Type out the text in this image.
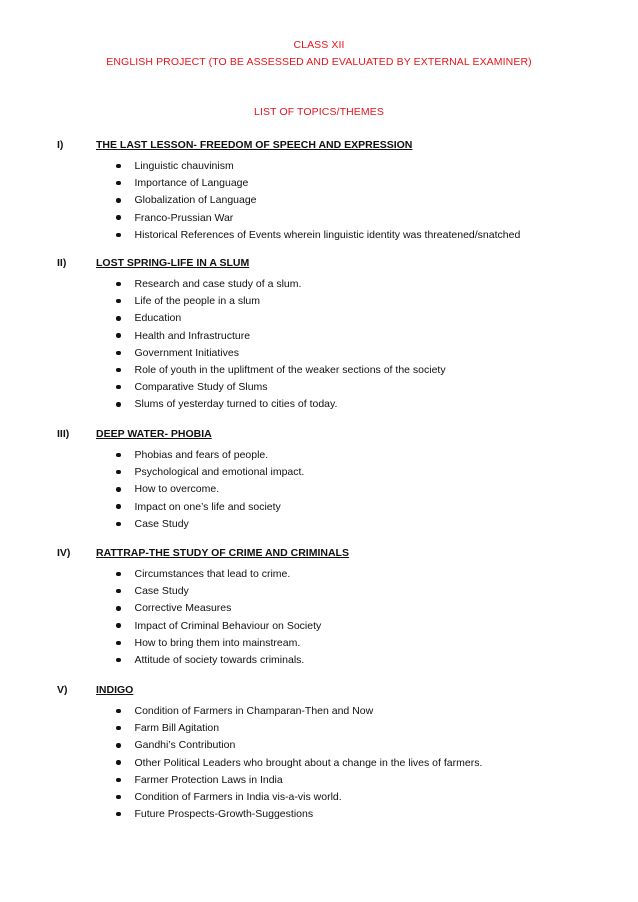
CLASS XII
ENGLISH PROJECT (TO BE ASSESSED AND EVALUATED BY EXTERNAL EXAMINER)
LIST OF TOPICS/THEMES
I)	THE LAST LESSON- FREEDOM OF SPEECH AND EXPRESSION
Linguistic chauvinism
Importance of Language
Globalization of Language
Franco-Prussian War
Historical References of Events wherein linguistic identity was threatened/snatched
II)	LOST SPRING-LIFE IN A SLUM
Research and case study of a slum.
Life of the people in a slum
Education
Health and Infrastructure
Government Initiatives
Role of youth in the upliftment of the weaker sections of the society
Comparative Study of Slums
Slums of yesterday turned to cities of today.
III)	DEEP WATER- PHOBIA
Phobias and fears of people.
Psychological and emotional impact.
How to overcome.
Impact on one’s life and society
Case Study
IV) RATTRAP-THE STUDY OF CRIME AND CRIMINALS
Circumstances that lead to crime.
Case Study
Corrective Measures
Impact of Criminal Behaviour on Society
How to bring them into mainstream.
Attitude of society towards criminals.
V)	INDIGO
Condition of Farmers in Champaran-Then and Now
Farm Bill Agitation
Gandhi’s Contribution
Other Political Leaders who brought about a change in the lives of farmers.
Farmer Protection Laws in India
Condition of Farmers in India vis-a-vis world.
Future Prospects-Growth-Suggestions
